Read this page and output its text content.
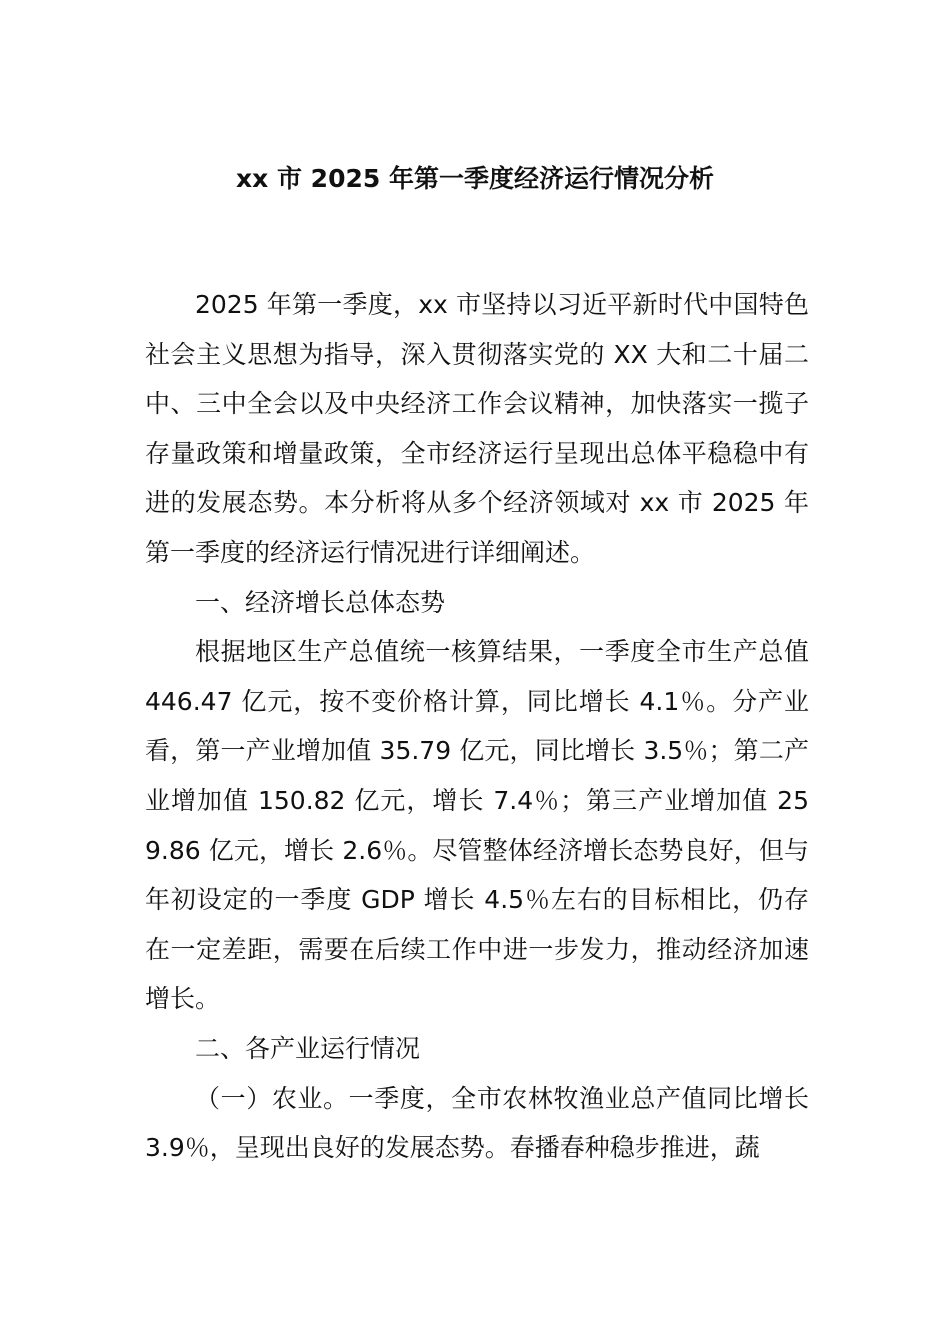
xx 市 2025 年第一季度经济运行情况分析

2025 年第一季度，xx 市坚持以习近平新时代中国特色社会主义思想为指导，深入贯彻落实党的 XX 大和二十届二中、三中全会以及中央经济工作会议精神，加快落实一揽子存量政策和增量政策，全市经济运行呈现出总体平稳稳中有进的发展态势。本分析将从多个经济领域对 xx 市 2025 年第一季度的经济运行情况进行详细阐述。

一、经济增长总体态势

根据地区生产总值统一核算结果，一季度全市生产总值 446.47 亿元，按不变价格计算，同比增长 4.1％。分产业看，第一产业增加值 35.79 亿元，同比增长 3.5％；第二产业增加值 150.82 亿元，增长 7.4％；第三产业增加值 259.86 亿元，增长 2.6％。尽管整体经济增长态势良好，但与年初设定的一季度 GDP 增长 4.5％左右的目标相比，仍存在一定差距，需要在后续工作中进一步发力，推动经济加速增长。

二、各产业运行情况

（一）农业。一季度，全市农林牧渔业总产值同比增长 3.9％，呈现出良好的发展态势。春播春种稳步推进，蔬
